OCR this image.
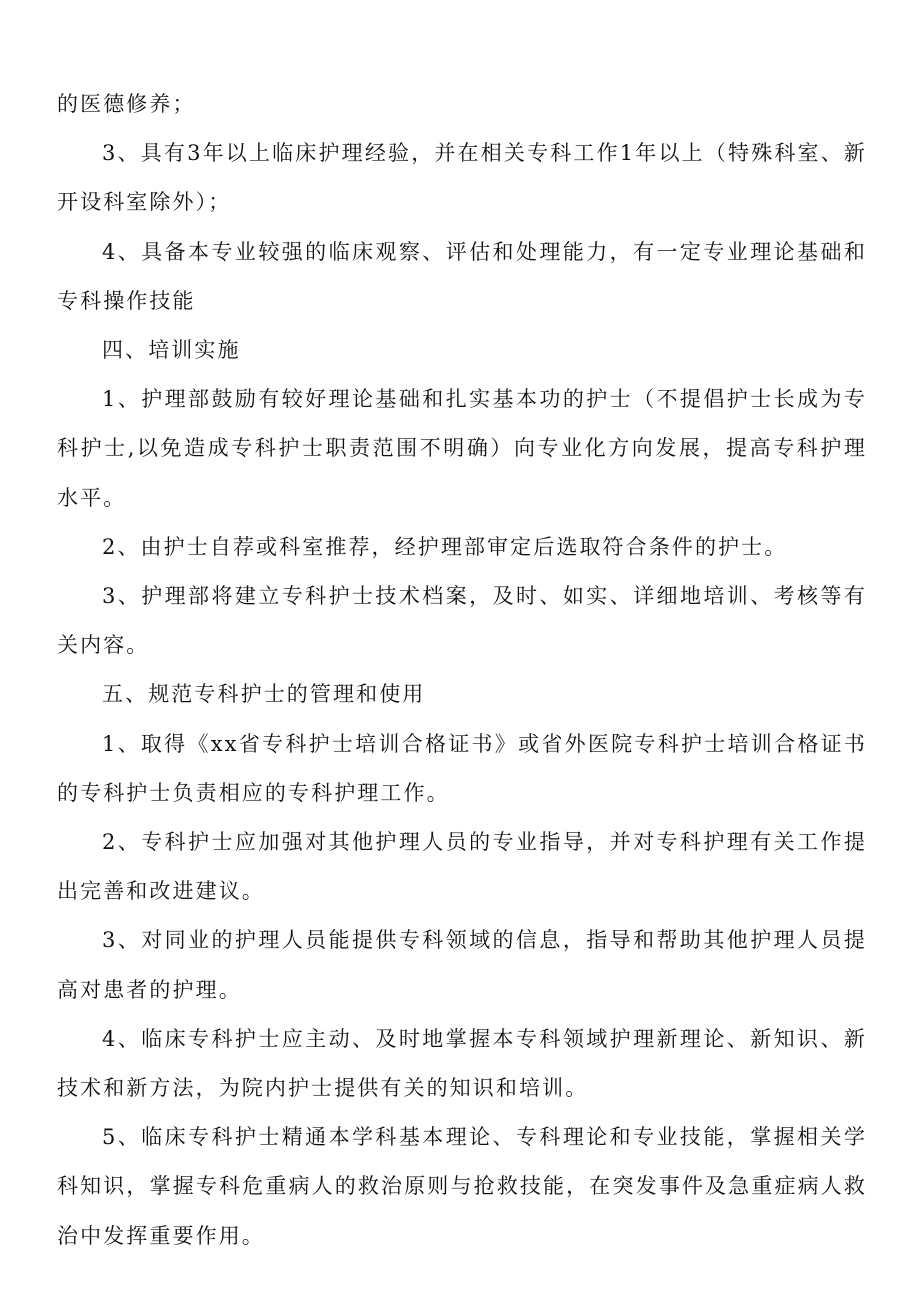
的医德修养；

3、具有3年以上临床护理经验，并在相关专科工作1年以上（特殊科室、新开设科室除外）；

4、具备本专业较强的临床观察、评估和处理能力，有一定专业理论基础和专科操作技能

四、培训实施

1、护理部鼓励有较好理论基础和扎实基本功的护士（不提倡护士长成为专科护士,以免造成专科护士职责范围不明确）向专业化方向发展，提高专科护理水平。

2、由护士自荐或科室推荐，经护理部审定后选取符合条件的护士。

3、护理部将建立专科护士技术档案，及时、如实、详细地培训、考核等有关内容。

五、规范专科护士的管理和使用

1、取得《xx省专科护士培训合格证书》或省外医院专科护士培训合格证书的专科护士负责相应的专科护理工作。

2、专科护士应加强对其他护理人员的专业指导，并对专科护理有关工作提出完善和改进建议。

3、对同业的护理人员能提供专科领域的信息，指导和帮助其他护理人员提高对患者的护理。

4、临床专科护士应主动、及时地掌握本专科领域护理新理论、新知识、新技术和新方法，为院内护士提供有关的知识和培训。

5、临床专科护士精通本学科基本理论、专科理论和专业技能，掌握相关学科知识，掌握专科危重病人的救治原则与抢救技能，在突发事件及急重症病人救治中发挥重要作用。
